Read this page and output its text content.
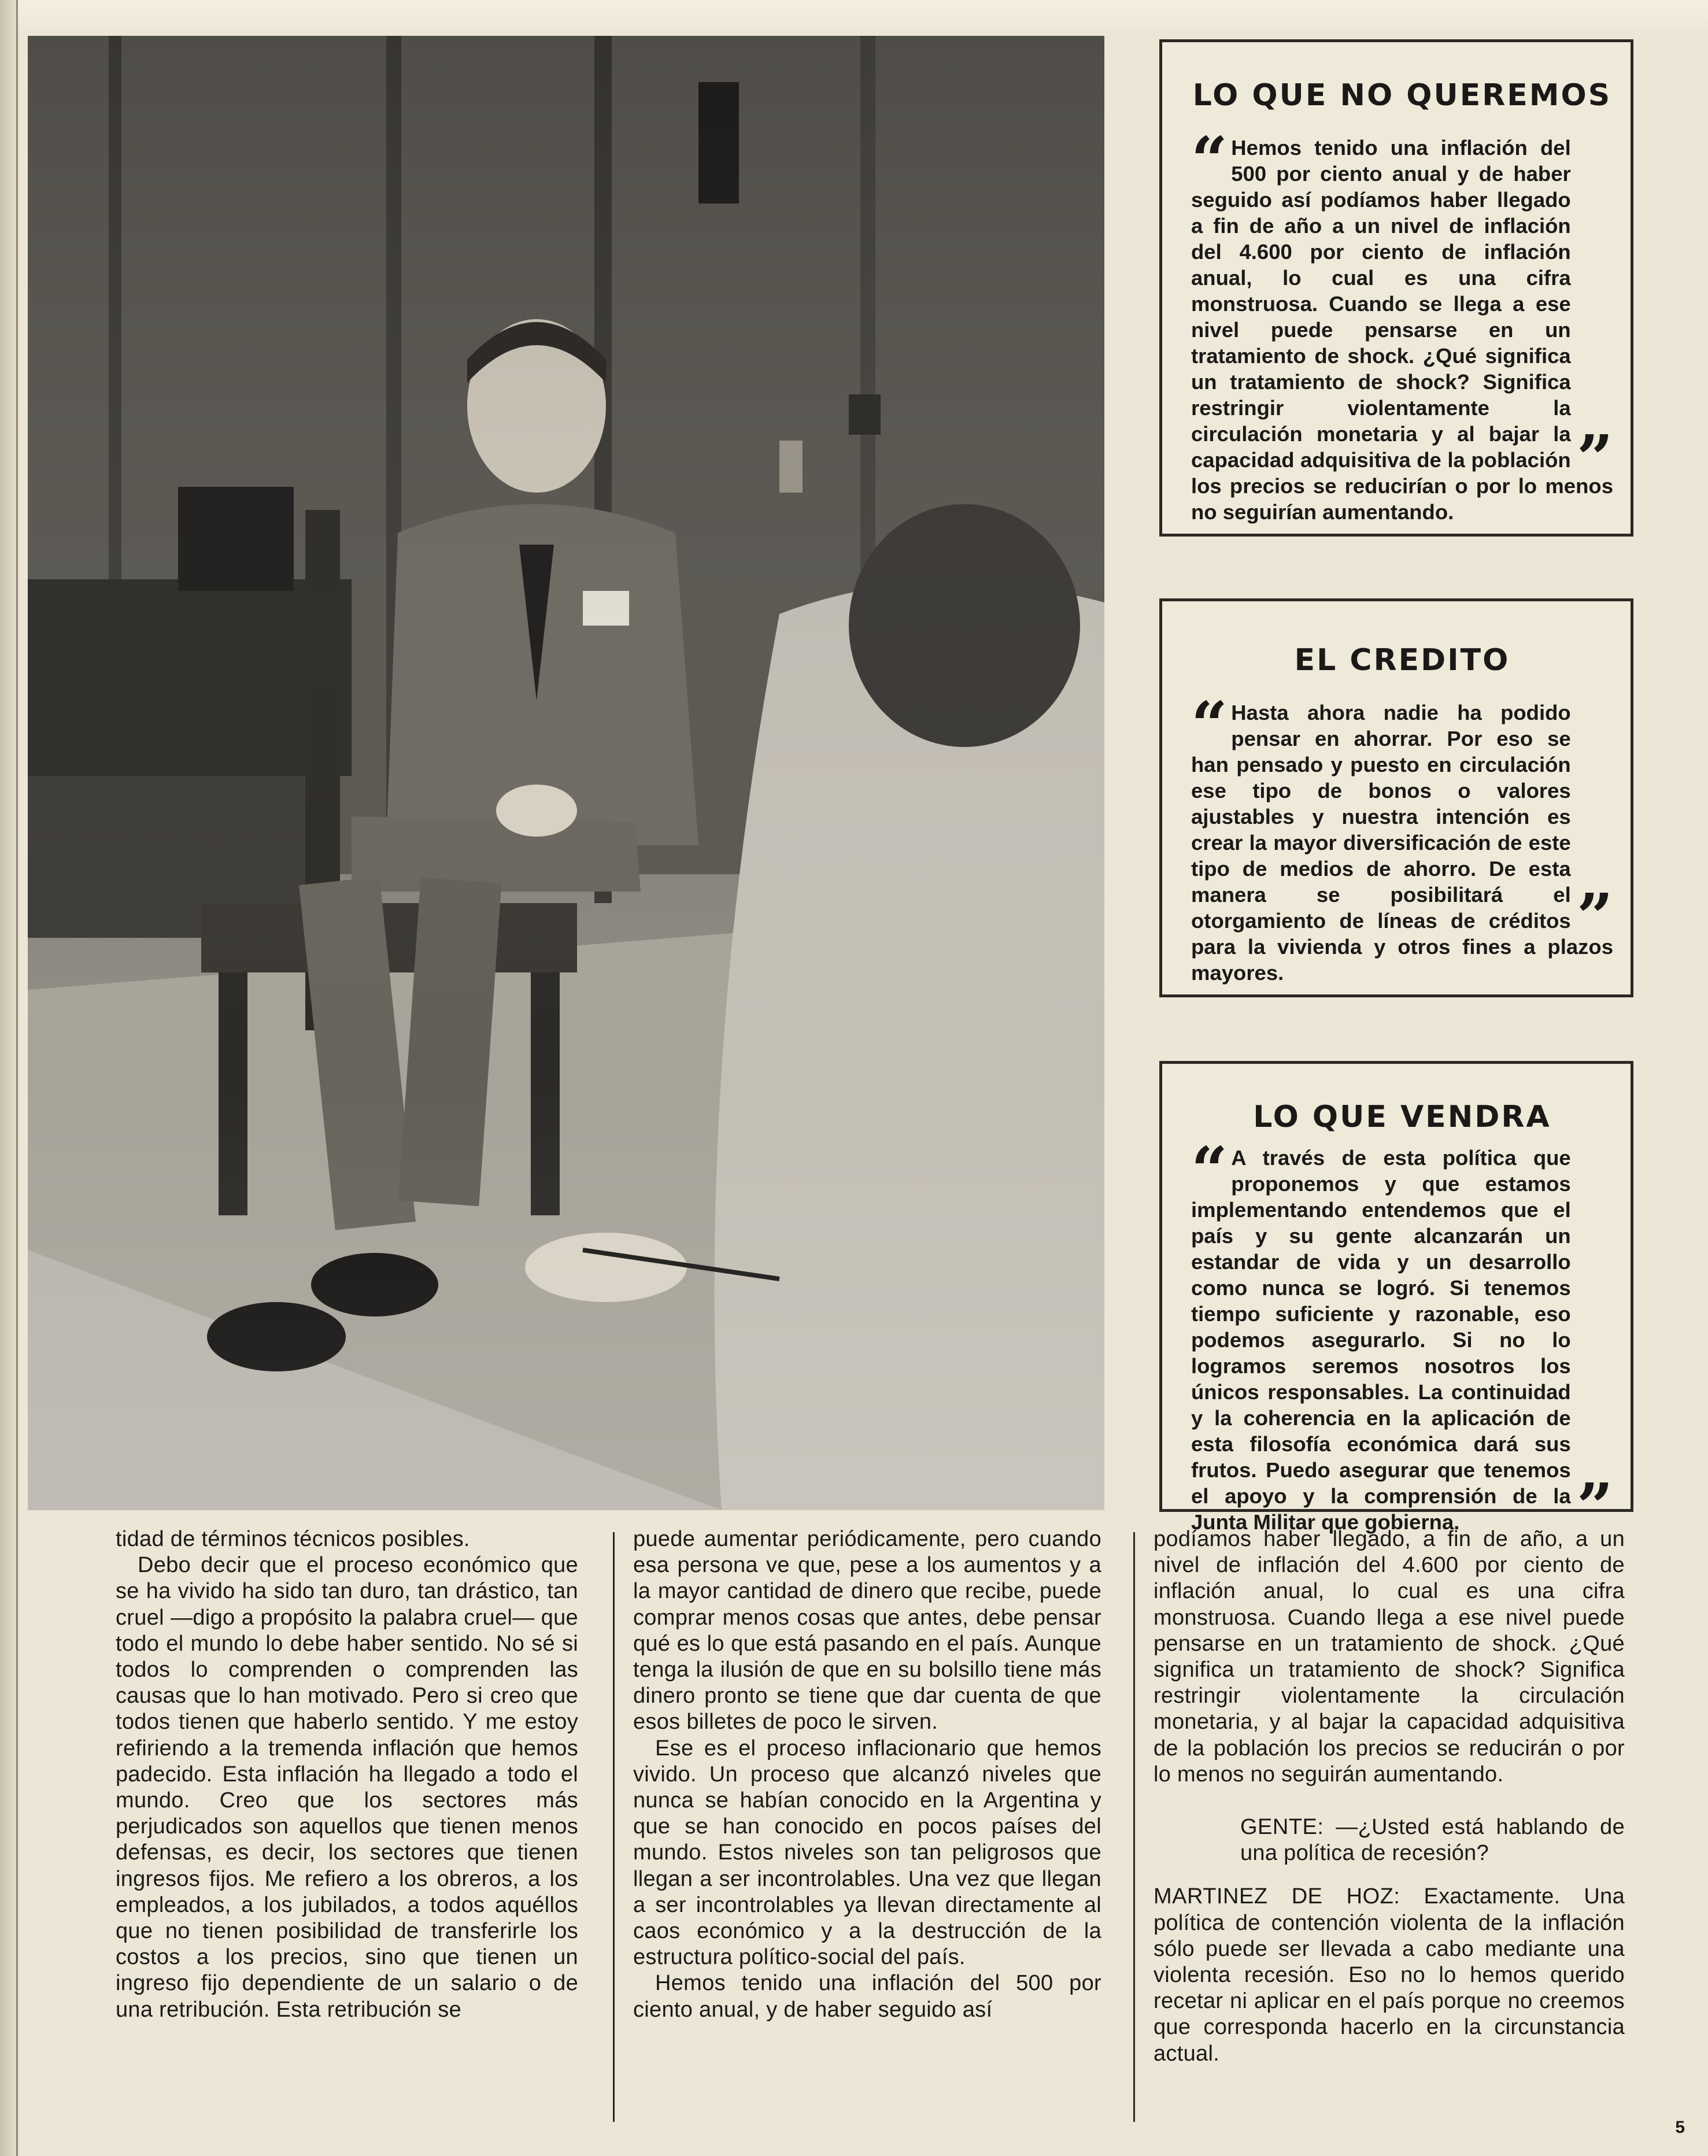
LO QUE NO QUEREMOS

“
”
Hemos tenido una inflación del 500 por ciento anual y de haber seguido así podíamos haber llegado a fin de año a un nivel de inflación del 4.600 por ciento de inflación anual, lo cual es una cifra monstruosa. Cuando se llega a ese nivel puede pensarse en un tratamiento de shock. ¿Qué significa un tratamiento de shock? Significa restringir violentamente la circulación monetaria y al bajar la capacidad adquisitiva de la población los precios se reducirían o por lo menos no seguirían aumentando.

EL CREDITO

“
”
Hasta ahora nadie ha podido pensar en ahorrar. Por eso se han pensado y puesto en circulación ese tipo de bonos o valores ajustables y nuestra intención es crear la mayor diversificación de este tipo de medios de ahorro. De esta manera se posibilitará el otorgamiento de líneas de créditos para la vivienda y otros fines a plazos mayores.

LO QUE VENDRA

“
”
A través de esta política que proponemos y que estamos implementando entendemos que el país y su gente alcanzarán un estandar de vida y un desarrollo como nunca se logró. Si tenemos tiempo suficiente y razonable, eso podemos asegurarlo. Si no lo logramos seremos nosotros los únicos responsables. La continuidad y la coherencia en la aplicación de esta filosofía económica dará sus frutos. Puedo asegurar que tenemos el apoyo y la comprensión de la Junta Militar que gobierna.

tidad de términos técnicos posibles.

Debo decir que el proceso económico que se ha vivido ha sido tan duro, tan drástico, tan cruel —digo a propósito la palabra cruel— que todo el mundo lo debe haber sentido. No sé si todos lo comprenden o comprenden las causas que lo han motivado. Pero si creo que todos tienen que haberlo sentido. Y me estoy refiriendo a la tremenda inflación que hemos padecido. Esta inflación ha llegado a todo el mundo. Creo que los sectores más perjudicados son aquellos que tienen menos defensas, es decir, los sectores que tienen ingresos fijos. Me refiero a los obreros, a los empleados, a los jubilados, a todos aquéllos que no tienen posibilidad de transferirle los costos a los precios, sino que tienen un ingreso fijo dependiente de un salario o de una retribución. Esta retribución se

puede aumentar periódicamente, pero cuando esa persona ve que, pese a los aumentos y a la mayor cantidad de dinero que recibe, puede comprar menos cosas que antes, debe pensar qué es lo que está pasando en el país. Aunque tenga la ilusión de que en su bolsillo tiene más dinero pronto se tiene que dar cuenta de que esos billetes de poco le sirven.

Ese es el proceso inflacionario que hemos vivido. Un proceso que alcanzó niveles que nunca se habían conocido en la Argentina y que se han conocido en pocos países del mundo. Estos niveles son tan peligrosos que llegan a ser incontrolables. Una vez que llegan a ser incontrolables ya llevan directamente al caos económico y a la destrucción de la estructura político-social del país.

Hemos tenido una inflación del 500 por ciento anual, y de haber seguido así

podíamos haber llegado, a fin de año, a un nivel de inflación del 4.600 por ciento de inflación anual, lo cual es una cifra monstruosa. Cuando llega a ese nivel puede pensarse en un tratamiento de shock. ¿Qué significa un tratamiento de shock? Significa restringir violentamente la circulación monetaria, y al bajar la capacidad adquisitiva de la población los precios se reducirán o por lo menos no seguirán aumentando.

GENTE: —¿Usted está hablando de una política de recesión?

MARTINEZ DE HOZ: Exactamente. Una política de contención violenta de la inflación sólo puede ser llevada a cabo mediante una violenta recesión. Eso no lo hemos querido recetar ni aplicar en el país porque no creemos que corresponda hacerlo en la circunstancia actual.

5
